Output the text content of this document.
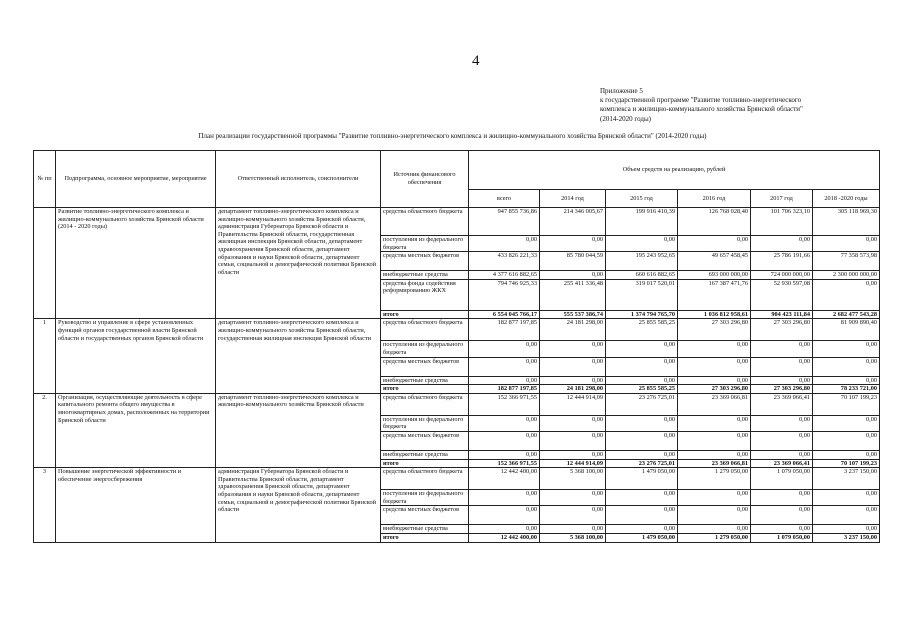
4
Приложение 5
к государственной программе "Развитие топливно-энергетического
комплекса и жилищно-коммунального хозяйства Брянской области"
(2014-2020 годы)
План реализации государственной программы "Развитие топливно-энергетического комплекса и жилищно-коммунального хозяйства Брянской области" (2014-2020 годы)
№ пп	Подпрограмма, основное мероприятие, мероприятие	Ответственный исполнитель, соисполнители	Источник финансового обеспечения	Объем средств на реализацию, рублей					
				всего	2014 год	2015 год	2016 год	2017 год	2018 -2020 годы
	Развитие топливно-энергетического комплекса и жилищно-коммунального хозяйства Брянской области (2014 - 2020 годы)	департамент топливно-энергетического комплекса и жилищно-коммунального хозяйства Брянской области, администрация Губернатора Брянской области и Правительства Брянской области, государственная жилищная инспекция Брянской области, департамент здравоохранения Брянской области, департамент образования и науки Брянской области, департамент семьи, социальной и демографической политики Брянской области	средства областного бюджета	947 855 736,86	214 346 005,67	199 916 410,39	126 768 028,40	101 706 323,10	305 118 969,30
			поступления из федерального бюджета	0,00	0,00	0,00	0,00	0,00	0,00
			средства местных бюджетов	433 826 221,33	85 780 044,59	195 243 952,65	49 657 458,45	25 786 191,66	77 358 573,98
			внебюджетные средства	4 377 616 882,65	0,00	660 616 882,65	693 000 000,00	724 000 000,00	2 300 000 000,00
			средства фонда содействия реформированию ЖКХ	794 746 925,33	255 411 336,48	319 017 520,01	167 387 471,76	52 930 597,08	0,00
			итого	6 554 045 766,17	555 537 386,74	1 374 794 765,70	1 036 812 958,61	904 423 111,84	2 682 477 543,28
1	Руководство и управление в сфере установленных функций органов государственной власти Брянской области и государственных органов Брянской области	департамент топливно-энергетического комплекса и жилищно-коммунального хозяйства Брянской области, государственная жилищная инспекция Брянской области	средства областного бюджета	182 877 197,85	24 181 298,00	25 855 585,25	27 303 296,80	27 303 296,80	81 909 890,40
			поступления из федерального бюджета	0,00	0,00	0,00	0,00	0,00	0,00
			средства местных бюджетов	0,00	0,00	0,00	0,00	0,00	0,00
			внебюджетные средства	0,00	0,00	0,00	0,00	0,00	0,00
			итого	182 877 197,85	24 181 298,00	25 855 585,25	27 303 296,80	27 303 296,80	78 233 721,00
2.	Организация, осуществляющие деятельность в сфере капитального ремонта общего имущества в многоквартирных домах, расположенных на территории Брянской области	департамент топливно-энергетического комплекса и жилищно-коммунального хозяйства Брянской области	средства областного бюджета	152 366 971,55	12 444 914,09	23 276 725,01	23 369 066,81	23 369 066,41	70 107 199,23
			поступления из федерального бюджета	0,00	0,00	0,00	0,00	0,00	0,00
			средства местных бюджетов	0,00	0,00	0,00	0,00	0,00	0,00
			внебюджетные средства	0,00	0,00	0,00	0,00	0,00	0,00
			итого	152 366 971,55	12 444 914,09	23 276 725,01	23 369 066,81	23 369 066,41	70 107 199,23
3	Повышение энергетической эффективности и обеспечение энергосбережения	администрация Губернатора Брянской области и Правительства Брянской области, департамент здравоохранения Брянской области, департамент образования и науки Брянской области, департамент семьи, социальной и демографической политики Брянской области	средства областного бюджета	12 442 400,00	5 368 100,00	1 479 050,00	1 279 050,00	1 079 050,00	3 237 150,00
			поступления из федерального бюджета	0,00	0,00	0,00	0,00	0,00	0,00
			средства местных бюджетов	0,00	0,00	0,00	0,00	0,00	0,00
			внебюджетные средства	0,00	0,00	0,00	0,00	0,00	0,00
			итого	12 442 400,00	5 368 100,00	1 479 050,00	1 279 050,00	1 079 050,00	3 237 150,00
